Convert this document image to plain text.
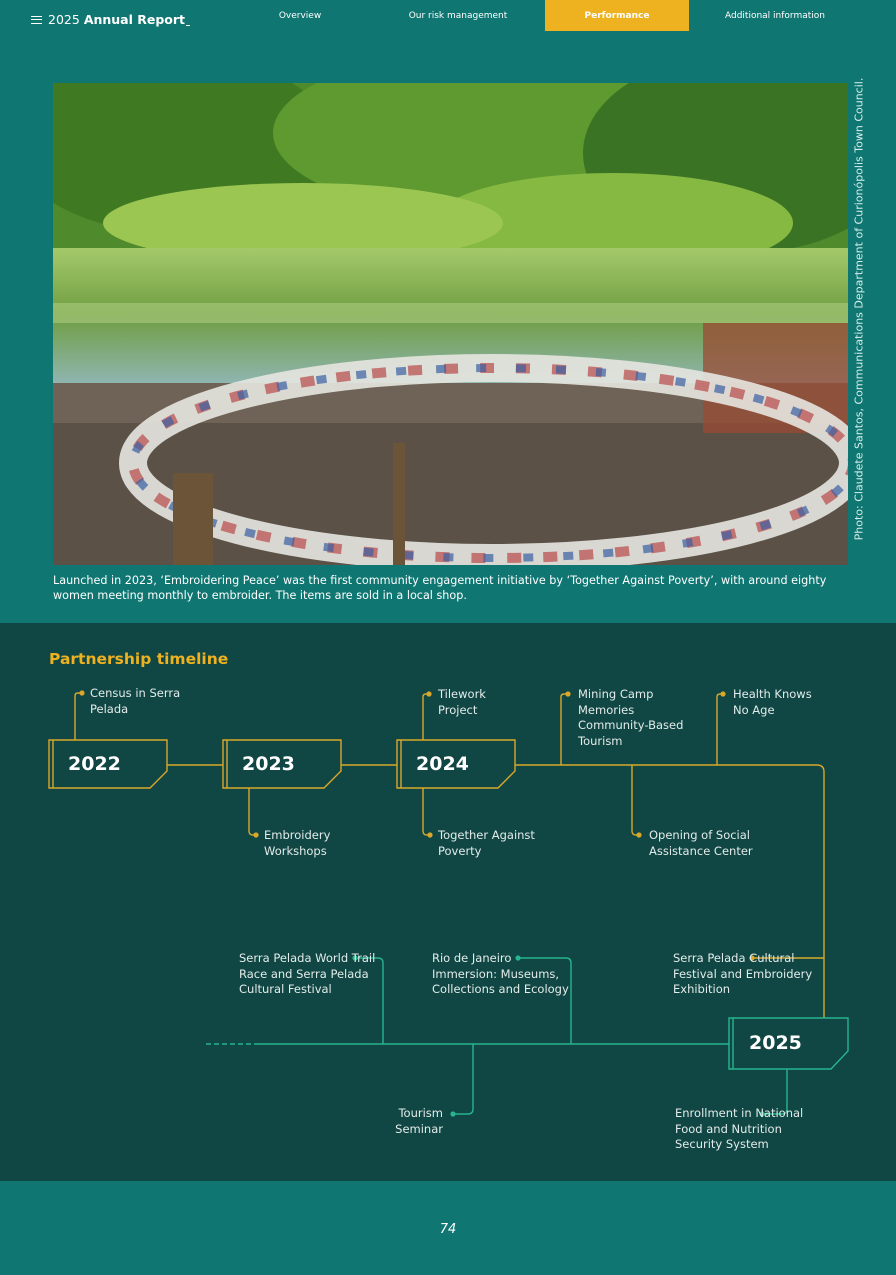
2025 Annual Report	Overview	Our risk management	Performance	Additional information
Photo: Claudete Santos, Communications Department of Curionópolis Town Council.
Launched in 2023, ‘Embroidering Peace’ was the first community engagement initiative by ‘Together Against Poverty’, with around eighty women meeting monthly to embroider. The items are sold in a local shop.
Partnership timeline
2022	2023	2024
2025
Census in Serra Pelada
Embroidery Workshops
Tilework Project
Together Against Poverty
Mining Camp Memories Community-Based Tourism
Opening of Social Assistance Center
Health Knows No Age
Serra Pelada Cultural Festival and Embroidery Exhibition
Enrollment in National Food and Nutrition Security System
Rio de Janeiro Immersion: Museums, Collections and Ecology
Serra Pelada World Trail Race and Serra Pelada Cultural Festival
Tourism Seminar
74
